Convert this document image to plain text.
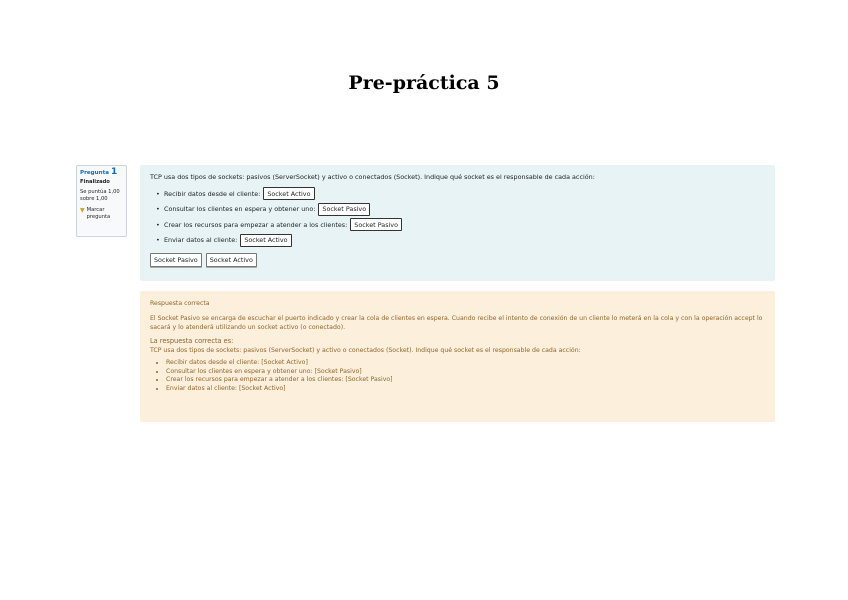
Pre-práctica 5
Pregunta 1
Finalizado
Se puntúa 1,00
sobre 1,00
▼ Marcar pregunta

TCP usa dos tipos de sockets: pasivos (ServerSocket) y activo o conectados (Socket). Indique qué socket es el responsable de cada acción:

• Recibir datos desde el cliente:	Socket Activo
• Consultar los clientes en espera y obtener uno:	Socket Pasivo
• Crear los recursos para empezar a atender a los clientes:	Socket Pasivo
• Enviar datos al cliente:	Socket Activo
Socket Pasivo	Socket Activo

Respuesta correcta

El Socket Pasivo se encarga de escuchar el puerto indicado y crear la cola de clientes en espera. Cuando recibe el intento de conexión de un cliente lo meterá en la cola y con la operación accept lo sacará y lo atenderá utilizando un socket activo (o conectado).

La respuesta correcta es:

TCP usa dos tipos de sockets: pasivos (ServerSocket) y activo o conectados (Socket). Indique qué socket es el responsable de cada acción:

• Recibir datos desde el cliente: [Socket Activo]
• Consultar los clientes en espera y obtener uno: [Socket Pasivo]
• Crear los recursos para empezar a atender a los clientes: [Socket Pasivo]
• Enviar datos al cliente: [Socket Activo]
